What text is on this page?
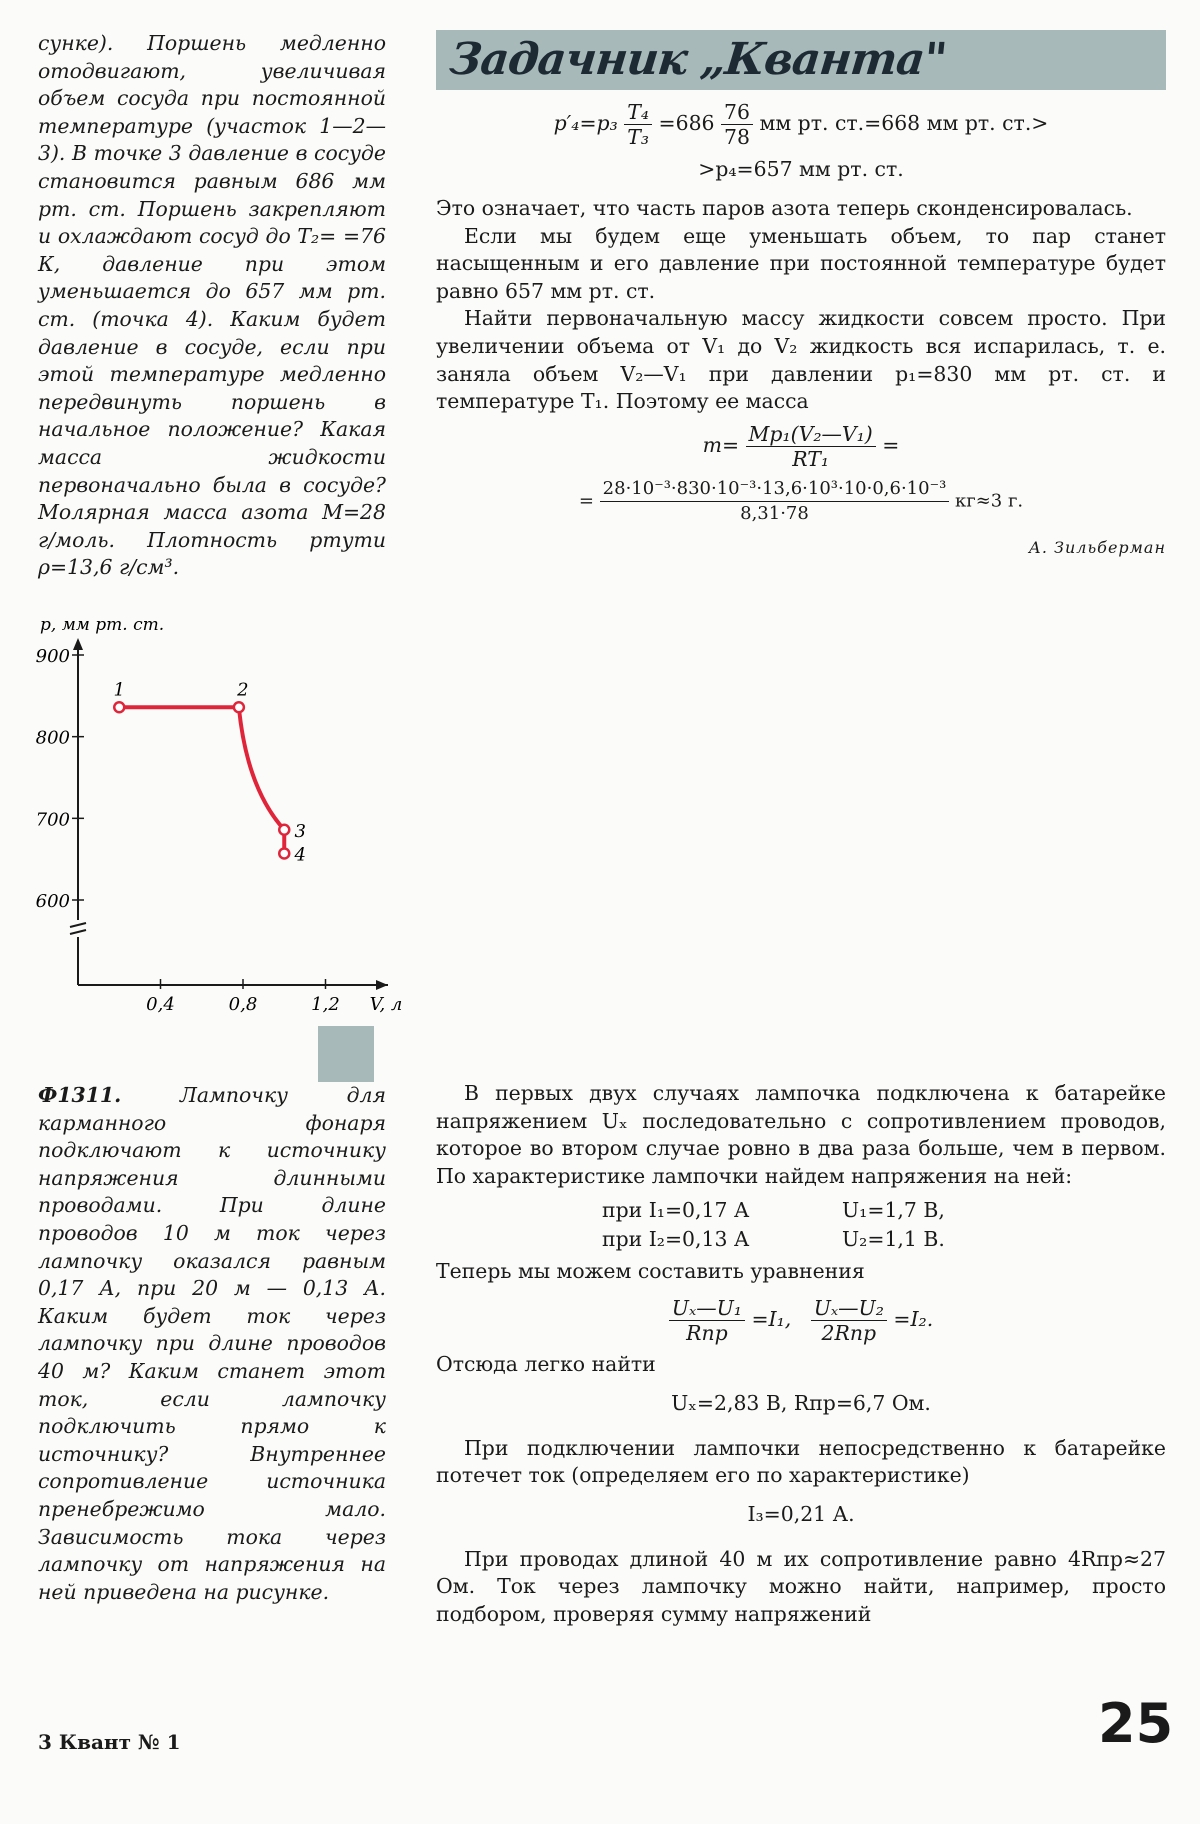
сунке). Поршень медленно отодвигают, увеличивая объем сосуда при постоянной температуре (участок 1—2—3). В точке 3 давление в сосуде становится равным 686 мм рт. ст. Поршень закрепляют и охлаждают сосуд до T₂= =76 К, давление при этом уменьшается до 657 мм рт. ст. (точка 4). Каким будет давление в сосуде, если при этой температуре медленно передвинуть поршень в начальное положение? Какая масса жидкости первоначально была в сосуде? Молярная масса азота M=28 г/моль. Плотность ртути ρ=13,6 г/см³.
p, мм рт. ст.
900
800
700
600
0,4	0,8	1,2 V, л
1	2
3
4
Задачник „Кванта"
$p'_4=p_3 \frac{\text{T₄}}{\text{T₃}} =686 \frac{76}{78}$ мм рт. ст.=668 мм рт. ст.>
>p₄=657 мм рт. ст.

Это означает, что часть паров азота теперь сконденсировалась.

Если мы будем еще уменьшать объем, то пар станет насыщенным и его давление при постоянной температуре будет равно 657 мм рт. ст.

Найти первоначальную массу жидкости совсем просто. При увеличении объема от V₁ до V₂ жидкость вся испарилась, т. е. заняла объем V₂—V₁ при давлении p₁=830 мм рт. ст. и температуре T₁. Поэтому ее масса

$m= \frac{\text{Mp₁(V₂—V₁)}}{\text{RT₁}}$ =
= $\frac{\text{28·10⁻³·830·10⁻³·13,6·10³·10·0,6·10⁻³}}{8,31\cdot 78} кг\approx 3$ г.
А. Зильберман
Ф1311.	Лампочку для карманного фонаря подключают к источнику напряжения длинными проводами. При длине проводов 10 м ток через лампочку оказался равным 0,17 А, при 20 м — 0,13 А. Каким будет ток через лампочку при длине проводов 40 м? Каким станет этот ток, если лампочку подключить прямо к источнику? Внутреннее сопротивление источника пренебрежимо мало. Зависимость тока через лампочку от напряжения на ней приведена на рисунке.

В первых двух случаях лампочка подключена к батарейке напряжением Uₓ последовательно с сопротивлением проводов, которое во втором случае ровно в два раза больше, чем в первом. По характеристике лампочки найдем напряжения на ней:

при I₁=0,17 А	U₁=1,7 В,
при I₂=0,13 А	U₂=1,1 В.

Теперь мы можем составить уравнения

$\frac{\text{Uₓ—U₁}}{\text{Rпр}} =I_1$, $\frac{\text{Uₓ—U₂}}{\text{2Rпр}} =I_2$.

Отсюда легко найти

Uₓ=2,83 В, Rпр=6,7 Ом.

При подключении лампочки непосредственно к батарейке потечет ток (определяем его по характеристике)

I₃=0,21 А.

При проводах длиной 40 м их сопротивление равно 4Rпр≈27 Ом. Ток через лампочку можно найти, например, просто подбором, проверяя сумму напряжений

3 Квант № 1	25
